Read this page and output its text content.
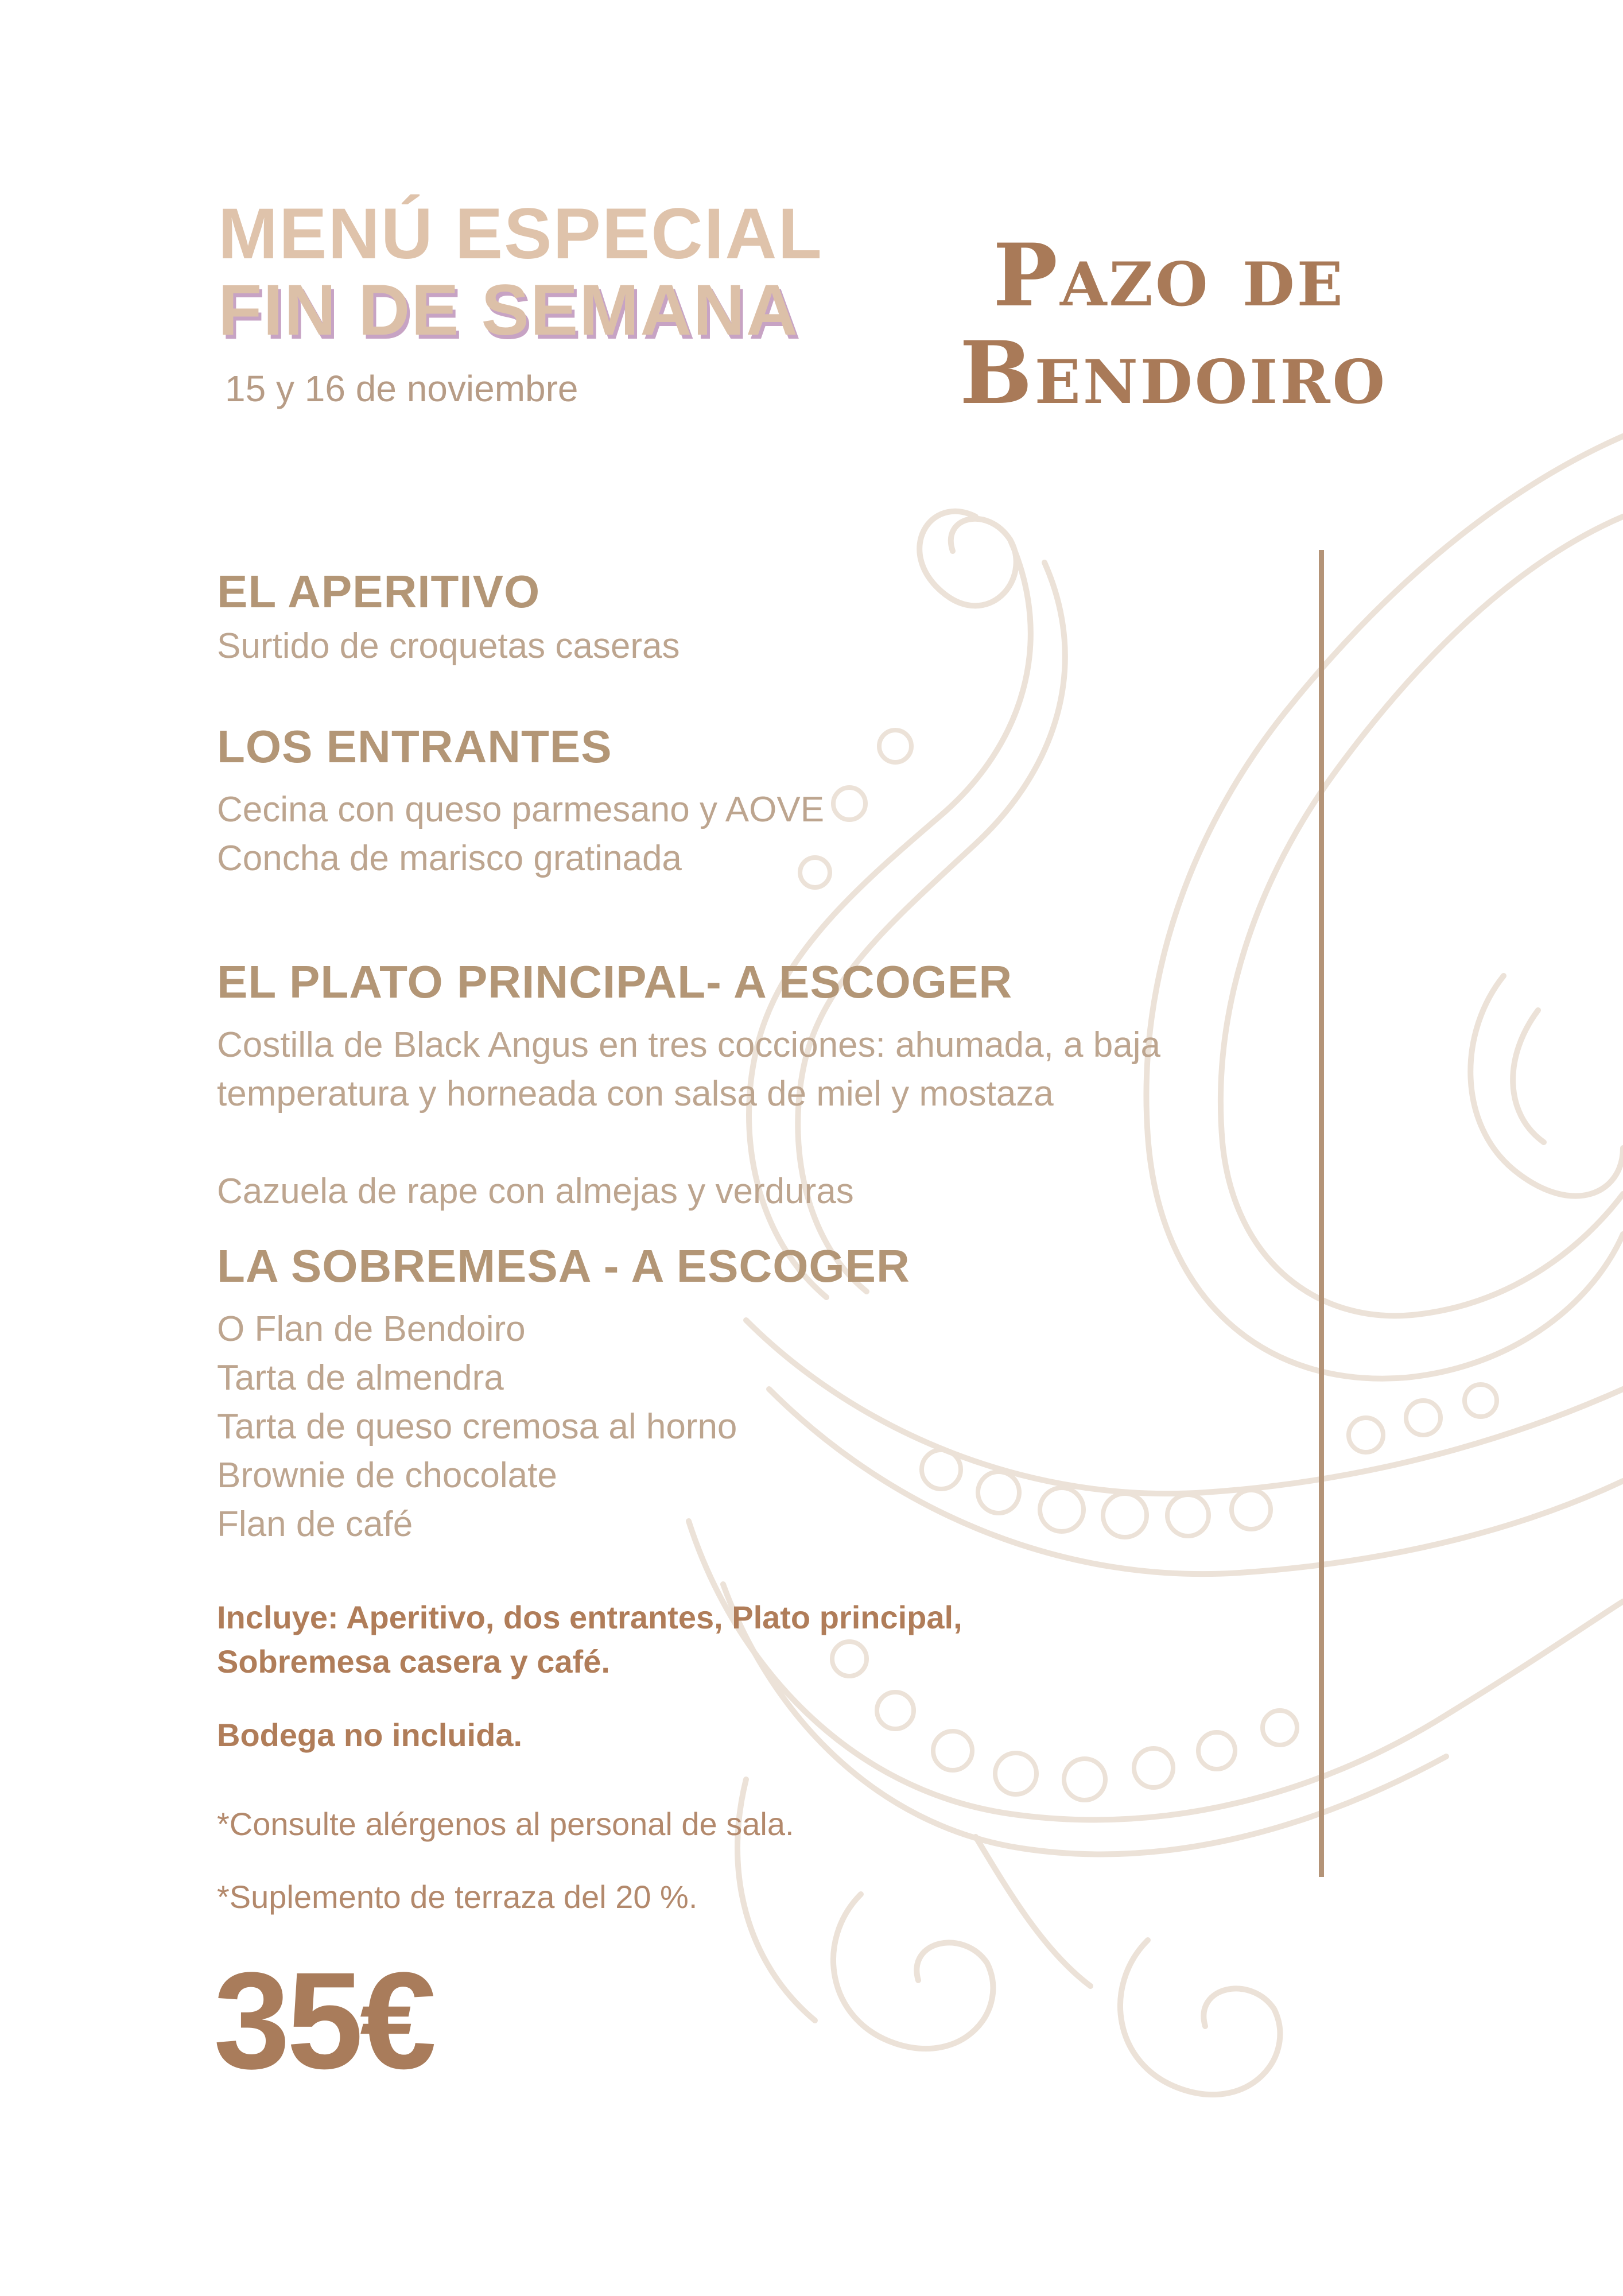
MENÚ ESPECIAL
FIN DE SEMANA
15 y 16 de noviembre
Pazo de
Bendoiro
EL APERITIVO
Surtido de croquetas caseras
LOS ENTRANTES
Cecina con queso parmesano y AOVE
Concha de marisco gratinada
EL PLATO PRINCIPAL- A ESCOGER
Costilla de Black Angus en tres cocciones: ahumada, a baja
temperatura y horneada con salsa de miel y mostaza
Cazuela de rape con almejas y verduras
LA SOBREMESA - A ESCOGER
O Flan de Bendoiro
Tarta de almendra
Tarta de queso cremosa al horno
Brownie de chocolate
Flan de café
Incluye: Aperitivo, dos entrantes, Plato principal,
Sobremesa casera y café.
Bodega no incluida.
*Consulte alérgenos al personal de sala.
*Suplemento de terraza del 20 %.
35€
